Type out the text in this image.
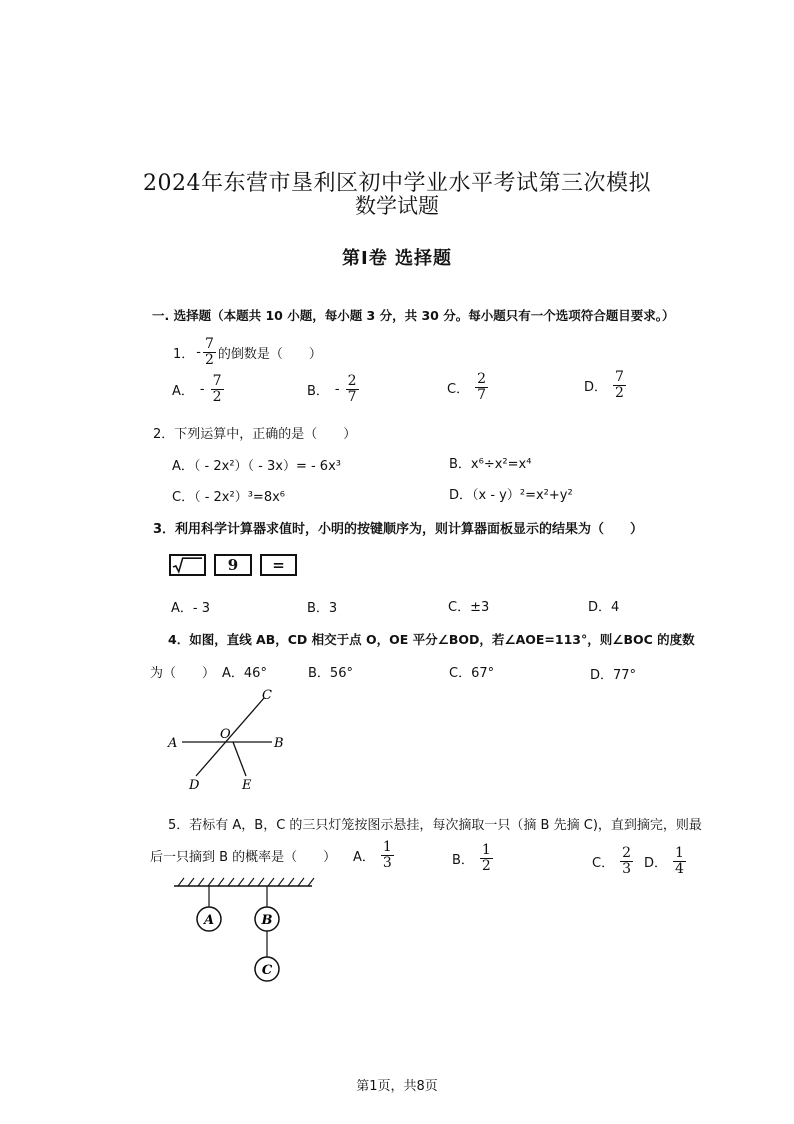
2024年东营市垦利区初中学业水平考试第三次模拟
数学试题
第Ⅰ卷 选择题
一. 选择题（本题共 10 小题，每小题 3 分，共 30 分。每小题只有一个选项符合题目要求。）
1． - $\frac{7}{2}$ 的倒数是（　　）
A． - $\frac{7}{2}$	B． - $\frac{2}{7}$	C． $\frac{2}{7}$	D． $\frac{7}{2}$
2．下列运算中，正确的是（　　）
A．（ - 2x²）（ - 3x）= - 6x³	B．x⁶÷x²=x⁴
C．（ - 2x²）³=8x⁶	D．（x - y）²=x²+y²
3．利用科学计算器求值时，小明的按键顺序为，则计算器面板显示的结果为（　　）
9	=
A．- 3	B．3	C．±3	D．4
4．如图，直线 AB，CD 相交于点 O，OE 平分∠BOD，若∠AOE=113°，则∠BOC 的度数
为（　　） A．46°	B．56°	C．67°	D．77°
A	B
C
D	E
O
5．若标有 A，B，C 的三只灯笼按图示悬挂，每次摘取一只（摘 B 先摘 C)，直到摘完，则最
后一只摘到 B 的概率是（　　） A． $\frac{1}{3}$	B． $\frac{1}{2}$	C． $\frac{2}{3}$ D． $\frac{1}{4}$
A	B
C
第1页，共8页
